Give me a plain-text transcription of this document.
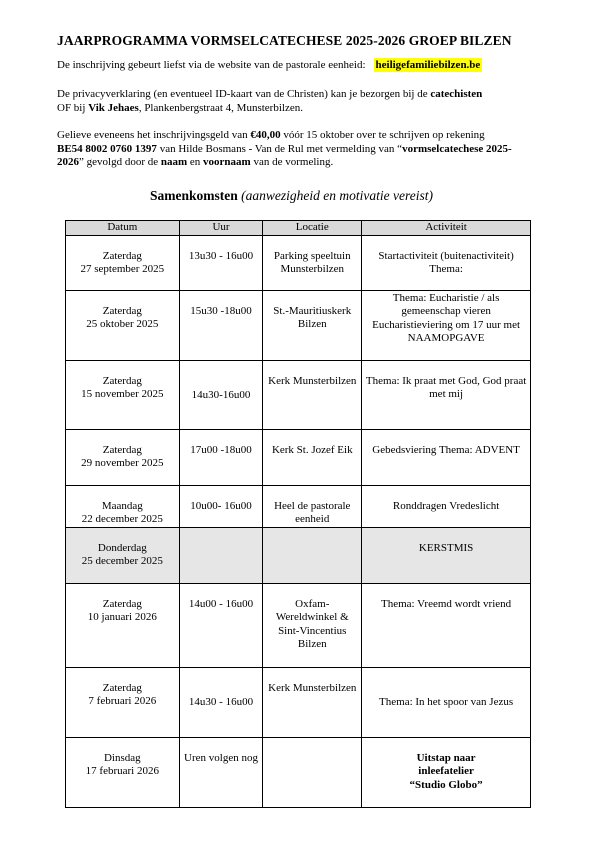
JAARPROGRAMMA VORMSELCATECHESE 2025-2026 GROEP BILZEN
De inschrijving gebeurt liefst via de website van de pastorale eenheid: heiligefamiliebilzen.be
De privacyverklaring (en eventueel ID-kaart van de Christen) kan je bezorgen bij de catechisten
OF bij Vik Jehaes, Plankenbergstraat 4, Munsterbilzen.
Gelieve eveneens het inschrijvingsgeld van €40,00 vóór 15 oktober over te schrijven op rekening
BE54 8002 0760 1397 van Hilde Bosmans - Van de Rul met vermelding van “vormselcatechese 2025-2026” gevolgd door de naam en voornaam van de vormeling.
Samenkomsten (aanwezigheid en motivatie vereist)
Datum	Uur	Locatie	Activiteit
Zaterdag
27 september 2025	13u30 - 16u00	Parking speeltuin Munsterbilzen	Startactiviteit (buitenactiviteit) Thema:
Zaterdag
25 oktober 2025	15u30 -18u00	St.-Mauritiuskerk Bilzen	Thema: Eucharistie / als gemeenschap vieren Eucharistieviering om 17 uur met NAAMOPGAVE
Zaterdag
15 november 2025	14u30-16u00	Kerk Munsterbilzen	Thema: Ik praat met God, God praat met mij
Zaterdag
29 november 2025	17u00 -18u00	Kerk St. Jozef Eik	Gebedsviering Thema: ADVENT
Maandag
22 december 2025	10u00- 16u00	Heel de pastorale eenheid	Ronddragen Vredeslicht
Donderdag
25 december 2025			KERSTMIS
Zaterdag
10 januari 2026	14u00 - 16u00	Oxfam-Wereldwinkel & Sint-Vincentius Bilzen	Thema: Vreemd wordt vriend
Zaterdag
7 februari 2026	14u30 - 16u00	Kerk Munsterbilzen	Thema: In het spoor van Jezus
Dinsdag
17 februari 2026	Uren volgen nog		Uitstap naar inleefatelier “Studio Globo”
